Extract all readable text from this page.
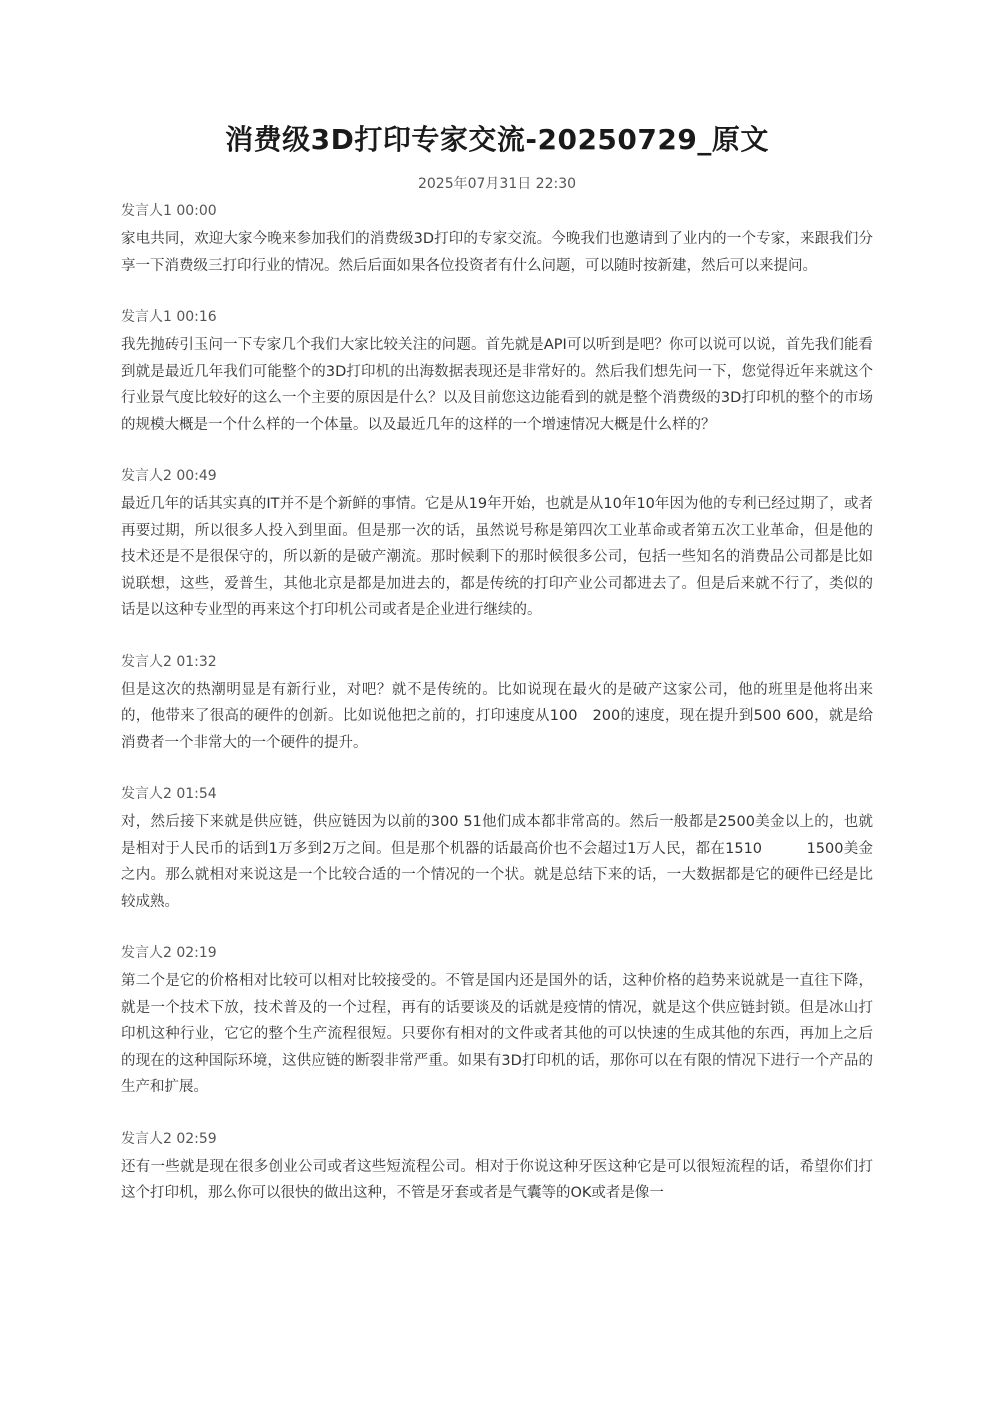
消费级3D打印专家交流-20250729_原文
2025年07月31日 22:30
发言人1 00:00

家电共同，欢迎大家今晚来参加我们的消费级3D打印的专家交流。今晚我们也邀请到了业内的一个专家，来跟我们分享一下消费级三打印行业的情况。然后后面如果各位投资者有什么问题，可以随时按新建，然后可以来提问。

发言人1 00:16

我先抛砖引玉问一下专家几个我们大家比较关注的问题。首先就是API可以听到是吧？你可以说可以说，首先我们能看到就是最近几年我们可能整个的3D打印机的出海数据表现还是非常好的。然后我们想先问一下，您觉得近年来就这个行业景气度比较好的这么一个主要的原因是什么？以及目前您这边能看到的就是整个消费级的3D打印机的整个的市场的规模大概是一个什么样的一个体量。以及最近几年的这样的一个增速情况大概是什么样的？

发言人2 00:49

最近几年的话其实真的IT并不是个新鲜的事情。它是从19年开始，也就是从10年10年因为他的专利已经过期了，或者再要过期，所以很多人投入到里面。但是那一次的话，虽然说号称是第四次工业革命或者第五次工业革命，但是他的技术还是不是很保守的，所以新的是破产潮流。那时候剩下的那时候很多公司，包括一些知名的消费品公司都是比如说联想，这些，爱普生，其他北京是都是加进去的，都是传统的打印产业公司都进去了。但是后来就不行了，类似的话是以这种专业型的再来这个打印机公司或者是企业进行继续的。

发言人2 01:32

但是这次的热潮明显是有新行业，对吧？就不是传统的。比如说现在最火的是破产这家公司，他的班里是他将出来的，他带来了很高的硬件的创新。比如说他把之前的，打印速度从100　200的速度，现在提升到500 600，就是给消费者一个非常大的一个硬件的提升。

发言人2 01:54

对，然后接下来就是供应链，供应链因为以前的300 51他们成本都非常高的。然后一般都是2500美金以上的，也就是相对于人民币的话到1万多到2万之间。但是那个机器的话最高价也不会超过1万人民，都在1510　　　1500美金之内。那么就相对来说这是一个比较合适的一个情况的一个状。就是总结下来的话，一大数据都是它的硬件已经是比较成熟。

发言人2 02:19

第二个是它的价格相对比较可以相对比较接受的。不管是国内还是国外的话，这种价格的趋势来说就是一直往下降，就是一个技术下放，技术普及的一个过程，再有的话要谈及的话就是疫情的情况，就是这个供应链封锁。但是冰山打印机这种行业，它它的整个生产流程很短。只要你有相对的文件或者其他的可以快速的生成其他的东西，再加上之后的现在的这种国际环境，这供应链的断裂非常严重。如果有3D打印机的话，那你可以在有限的情况下进行一个产品的生产和扩展。

发言人2 02:59

还有一些就是现在很多创业公司或者这些短流程公司。相对于你说这种牙医这种它是可以很短流程的话，希望你们打这个打印机，那么你可以很快的做出这种，不管是牙套或者是气囊等的OK或者是像一
